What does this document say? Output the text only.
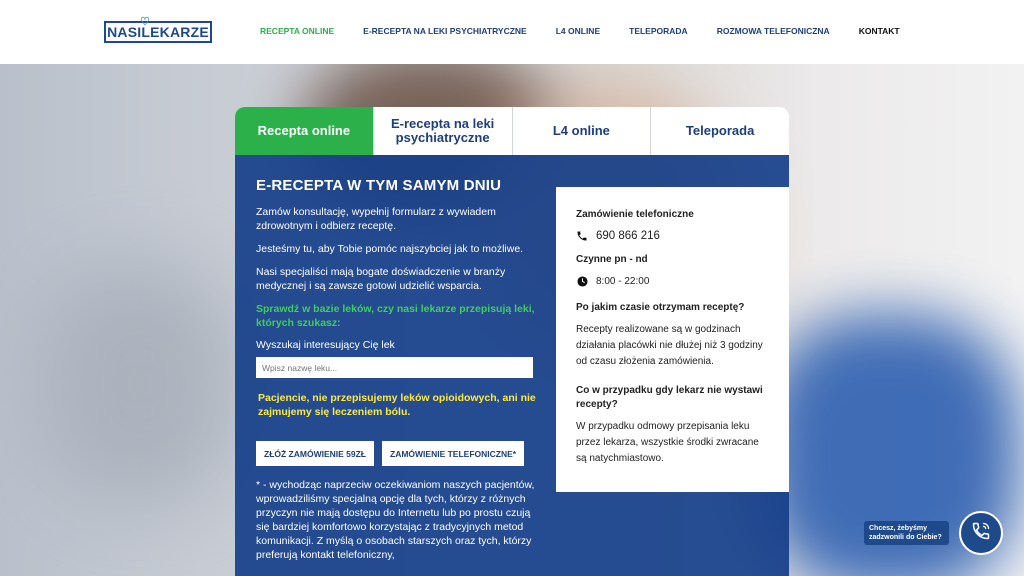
NASI
♡
LEKARZE	RECEPTA ONLINE	E-RECEPTA NA LEKI PSYCHIATRYCZNE	L4 ONLINE	TELEPORADA	ROZMOWA TELEFONICZNA	KONTAKT
Recepta online	E-recepta na leki psychiatryczne	L4 online	Teleporada
E-RECEPTA W TYM SAMYM DNIU

Zamów konsultację, wypełnij formularz z wywiadem zdrowotnym i odbierz receptę.

Jesteśmy tu, aby Tobie pomóc najszybciej jak to możliwe.

Nasi specjaliści mają bogate doświadczenie w branży medycznej i są zawsze gotowi udzielić wsparcia.

Sprawdź w bazie leków, czy nasi lekarze przepisują leki, których szukasz:

Wyszukaj interesujący Cię lek
Wpisz nazwę leku...
Pacjencie, nie przepisujemy leków opioidowych, ani nie zajmujemy się leczeniem bólu.
ZŁÓŻ ZAMÓWIENIE 59ZŁ	ZAMÓWIENIE TELEFONICZNE*
* - wychodząc naprzeciw oczekiwaniom naszych pacjentów, wprowadziliśmy specjalną opcję dla tych, którzy z różnych przyczyn nie mają dostępu do Internetu lub po prostu czują się bardziej komfortowo korzystając z tradycyjnych metod komunikacji. Z myślą o osobach starszych oraz tych, którzy preferują kontakt telefoniczny,
Zamówienie telefoniczne
690 866 216
Czynne pn - nd
8:00 - 22:00
Po jakim czasie otrzymam receptę?
Recepty realizowane są w godzinach działania placówki nie dłużej niż 3 godziny od czasu złożenia zamówienia.
Co w przypadku gdy lekarz nie wystawi recepty?
W przypadku odmowy przepisania leku przez lekarza, wszystkie środki zwracane są natychmiastowo.
Chcesz, żebyśmy zadzwonili do Ciebie?
